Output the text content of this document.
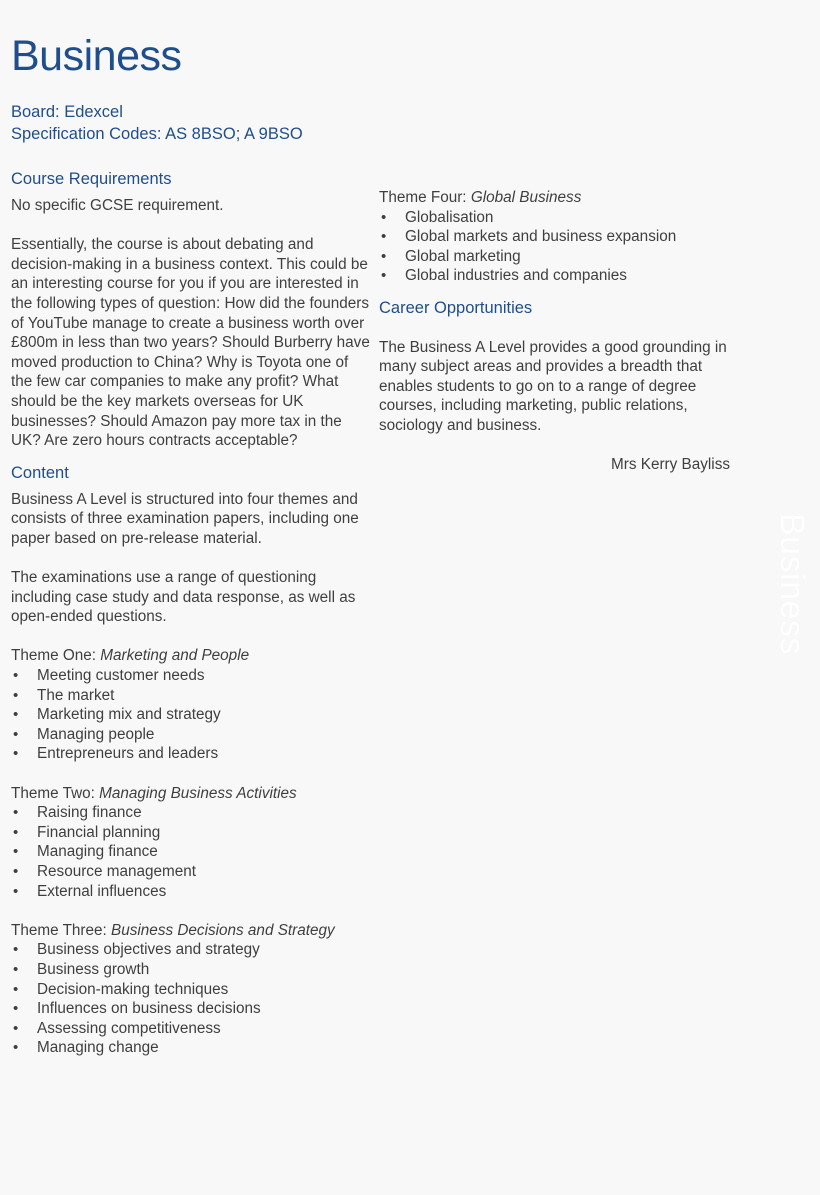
Business
Board: Edexcel
Specification Codes: AS 8BSO; A 9BSO

Course Requirements

No specific GCSE requirement.

Essentially, the course is about debating and decision-making in a business context. This could be an interesting course for you if you are interested in the following types of question: How did the founders of YouTube manage to create a business worth over £800m in less than two years? Should Burberry have moved production to China? Why is Toyota one of the few car companies to make any profit? What should be the key markets overseas for UK businesses? Should Amazon pay more tax in the UK? Are zero hours contracts acceptable?

Content

Business A Level is structured into four themes and consists of three examination papers, including one paper based on pre-release material.

The examinations use a range of questioning including case study and data response, as well as open-ended questions.

Theme One: Marketing and People

• Meeting customer needs
• The market
• Marketing mix and strategy
• Managing people
• Entrepreneurs and leaders

Theme Two: Managing Business Activities

• Raising finance
• Financial planning
• Managing finance
• Resource management
• External influences

Theme Three: Business Decisions and Strategy

• Business objectives and strategy
• Business growth
• Decision-making techniques
• Influences on business decisions
• Assessing competitiveness
• Managing change

Theme Four: Global Business

• Globalisation
• Global markets and business expansion
• Global marketing
• Global industries and companies

Career Opportunities

The Business A Level provides a good grounding in many subject areas and provides a breadth that enables students to go on to a range of degree courses, including marketing, public relations, sociology and business.

Mrs Kerry Bayliss

Business
